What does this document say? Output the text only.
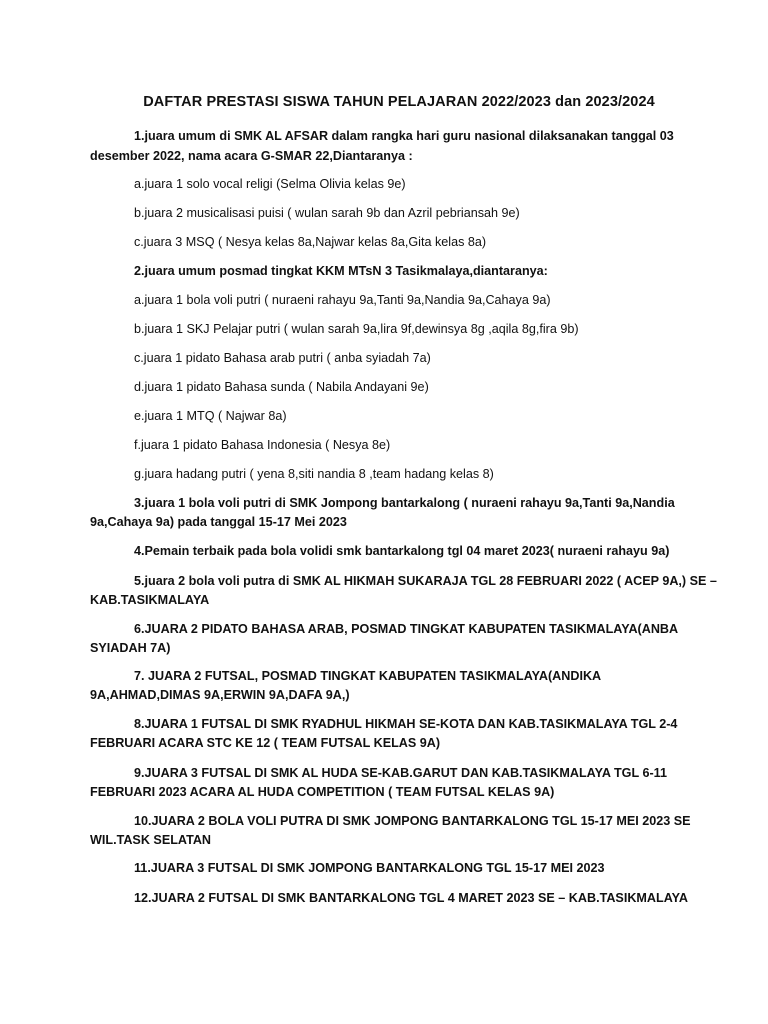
DAFTAR PRESTASI SISWA TAHUN PELAJARAN 2022/2023 dan 2023/2024
1.juara umum di SMK AL AFSAR dalam rangka hari guru nasional dilaksanakan tanggal 03
desember 2022, nama acara G-SMAR 22,Diantaranya :
a.juara 1 solo vocal religi (Selma Olivia kelas 9e)
b.juara 2 musicalisasi puisi ( wulan sarah 9b dan Azril pebriansah 9e)
c.juara 3 MSQ ( Nesya kelas 8a,Najwar kelas 8a,Gita kelas 8a)
2.juara umum posmad tingkat KKM MTsN 3 Tasikmalaya,diantaranya:
a.juara 1 bola voli putri ( nuraeni rahayu 9a,Tanti 9a,Nandia 9a,Cahaya 9a)
b.juara 1 SKJ Pelajar putri ( wulan sarah 9a,lira 9f,dewinsya 8g ,aqila 8g,fira 9b)
c.juara 1 pidato Bahasa arab putri ( anba syiadah 7a)
d.juara 1 pidato Bahasa sunda ( Nabila Andayani 9e)
e.juara 1 MTQ ( Najwar 8a)
f.juara 1 pidato Bahasa Indonesia ( Nesya 8e)
g.juara hadang putri ( yena 8,siti nandia 8 ,team hadang kelas 8)
3.juara 1 bola voli putri di SMK Jompong bantarkalong ( nuraeni rahayu 9a,Tanti 9a,Nandia
9a,Cahaya 9a) pada tanggal 15-17 Mei 2023
4.Pemain terbaik pada bola volidi smk bantarkalong tgl 04 maret 2023( nuraeni rahayu 9a)
5.juara 2 bola voli putra di SMK AL HIKMAH SUKARAJA TGL 28 FEBRUARI 2022 ( ACEP 9A,) SE –
KAB.TASIKMALAYA
6.JUARA 2 PIDATO BAHASA ARAB, POSMAD TINGKAT KABUPATEN TASIKMALAYA(ANBA
SYIADAH 7A)
7. JUARA 2 FUTSAL, POSMAD TINGKAT KABUPATEN TASIKMALAYA(ANDIKA
9A,AHMAD,DIMAS 9A,ERWIN 9A,DAFA 9A,)
8.JUARA 1 FUTSAL DI SMK RYADHUL HIKMAH SE-KOTA DAN KAB.TASIKMALAYA TGL 2-4
FEBRUARI ACARA STC KE 12 ( TEAM FUTSAL KELAS 9A)
9.JUARA 3 FUTSAL DI SMK AL HUDA SE-KAB.GARUT DAN KAB.TASIKMALAYA TGL 6-11
FEBRUARI 2023 ACARA AL HUDA COMPETITION ( TEAM FUTSAL KELAS 9A)
10.JUARA 2 BOLA VOLI PUTRA DI SMK JOMPONG BANTARKALONG TGL 15-17 MEI 2023 SE
WIL.TASK SELATAN
11.JUARA 3 FUTSAL DI SMK JOMPONG BANTARKALONG TGL 15-17 MEI 2023
12.JUARA 2 FUTSAL DI SMK BANTARKALONG TGL 4 MARET 2023 SE – KAB.TASIKMALAYA
